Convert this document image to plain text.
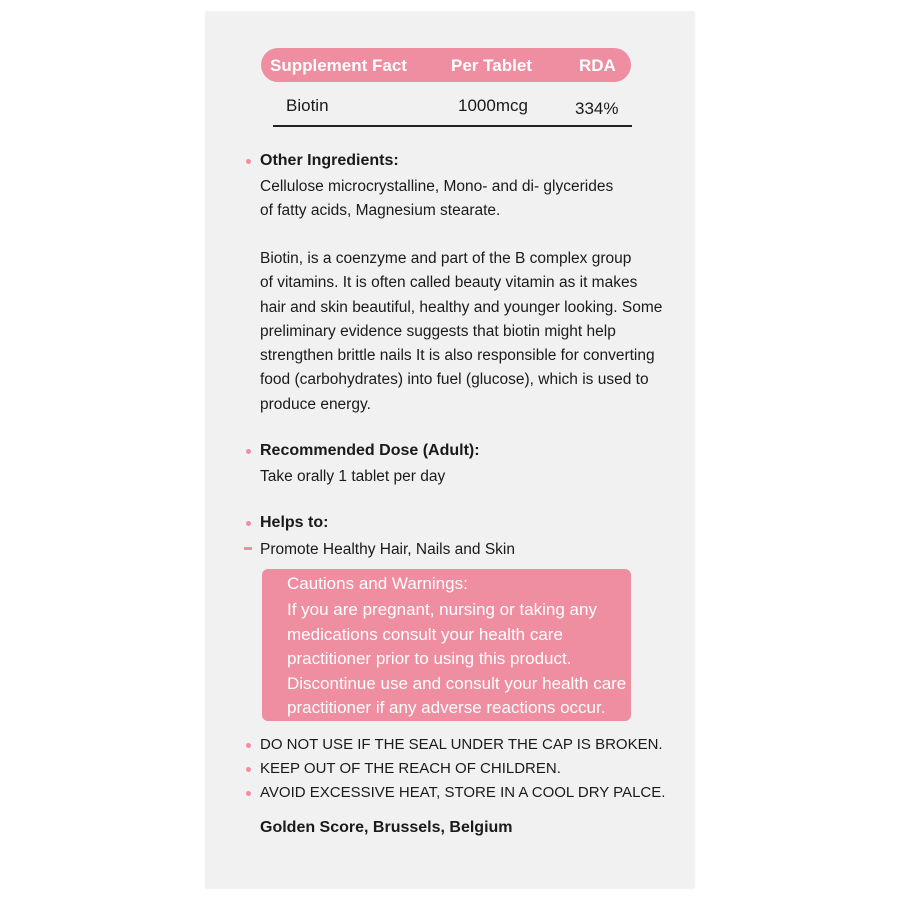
Supplement Fact	Per Tablet	RDA
Biotin	1000mcg	334%
Other Ingredients:
Cellulose microcrystalline, Mono- and di- glycerides
of fatty acids, Magnesium stearate.
Biotin, is a coenzyme and part of the B complex group
of vitamins. It is often called beauty vitamin as it makes
hair and skin beautiful, healthy and younger looking. Some
preliminary evidence suggests that biotin might help
strengthen brittle nails It is also responsible for converting
food (carbohydrates) into fuel (glucose), which is used to
produce energy.
Recommended Dose (Adult):
Take orally 1 tablet per day
Helps to:
Promote Healthy Hair, Nails and Skin
Cautions and Warnings:
If you are pregnant, nursing or taking any
medications consult your health care
practitioner prior to using this product.
Discontinue use and consult your health care
practitioner if any adverse reactions occur.
DO NOT USE IF THE SEAL UNDER THE CAP IS BROKEN.
KEEP OUT OF THE REACH OF CHILDREN.
AVOID EXCESSIVE HEAT, STORE IN A COOL DRY PALCE.
Golden Score, Brussels, Belgium
